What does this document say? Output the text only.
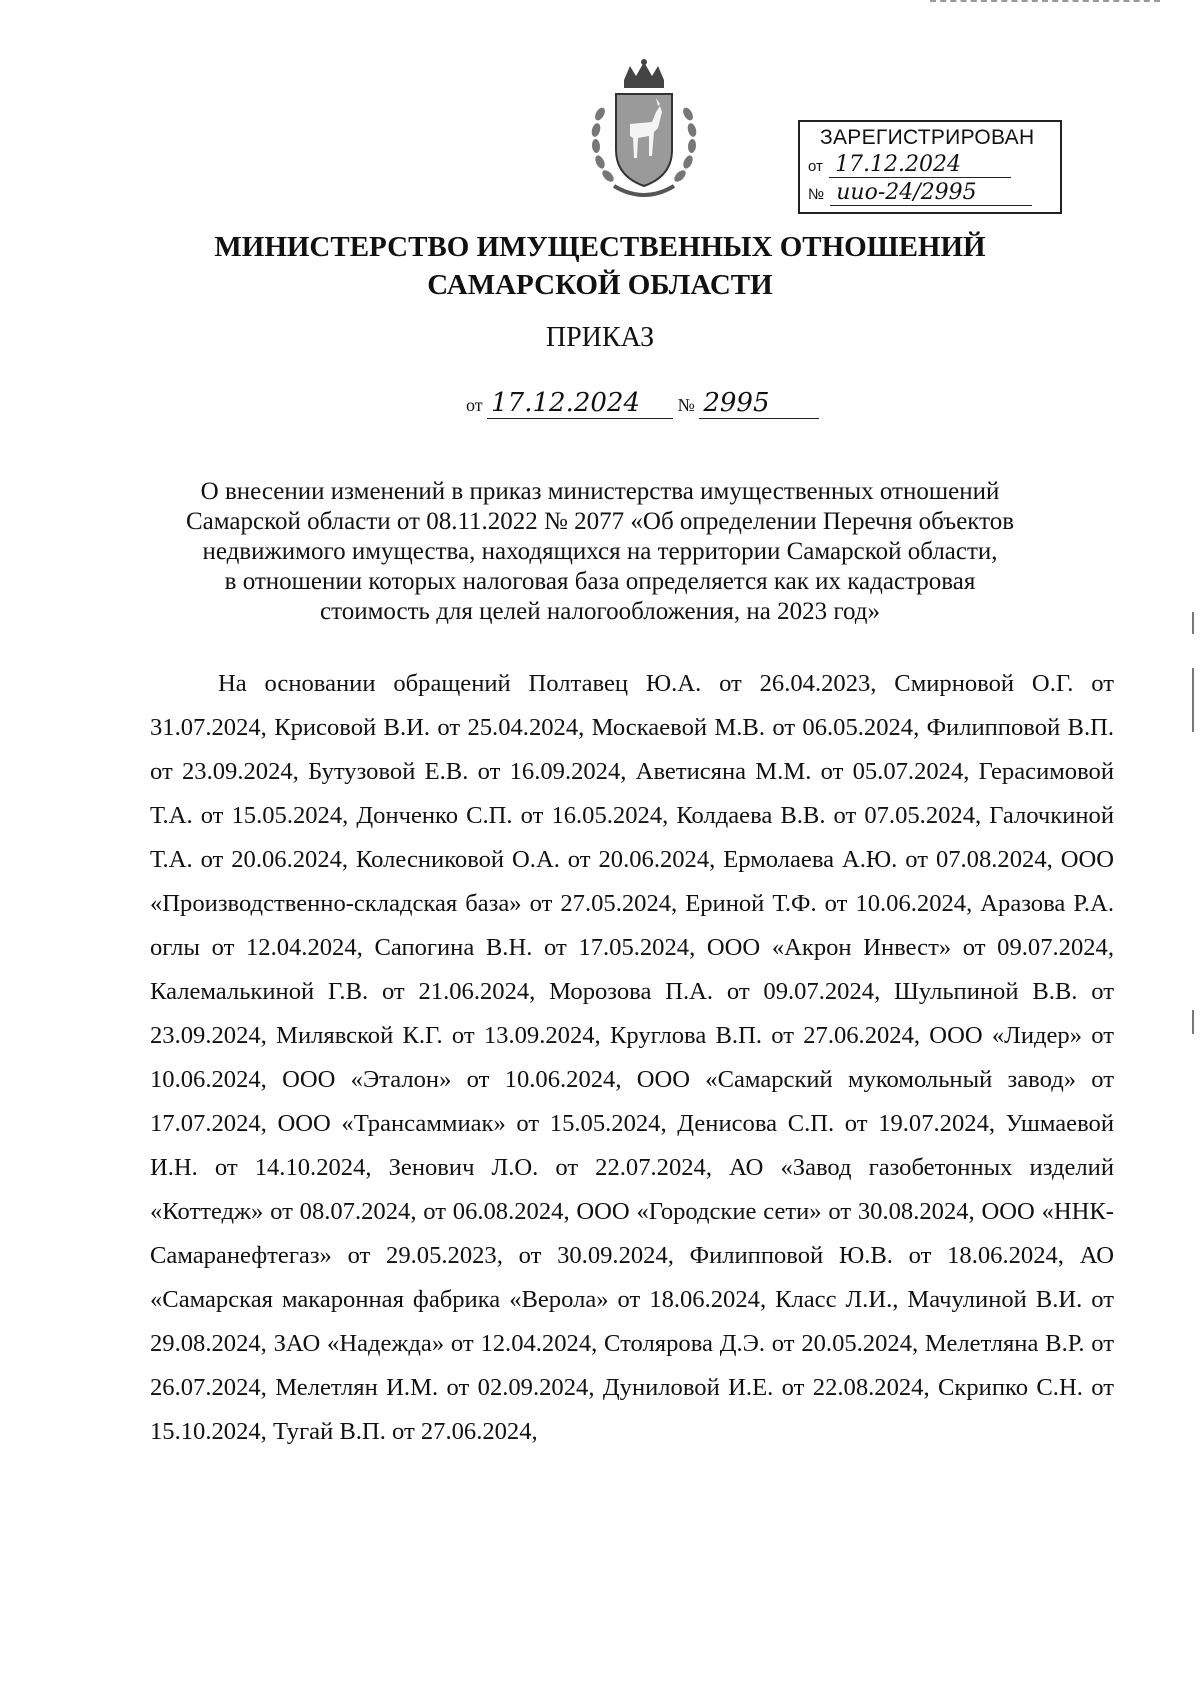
ЗАРЕГИСТРИРОВАН
от 17.12.2024
№ иио-24/2995
МИНИСТЕРСТВО ИМУЩЕСТВЕННЫХ ОТНОШЕНИЙ
САМАРСКОЙ ОБЛАСТИ
ПРИКАЗ
от 17.12.2024 № 2995
О внесении изменений в приказ министерства имущественных отношений
Самарской области от 08.11.2022 № 2077 «Об определении Перечня объектов
недвижимого имущества, находящихся на территории Самарской области,
в отношении которых налоговая база определяется как их кадастровая
стоимость для целей налогообложения, на 2023 год»

На основании обращений Полтавец Ю.А. от 26.04.2023, Смирновой О.Г. от 31.07.2024, Крисовой В.И. от 25.04.2024, Москаевой М.В. от 06.05.2024, Филипповой В.П. от 23.09.2024, Бутузовой Е.В. от 16.09.2024, Аветисяна М.М. от 05.07.2024, Герасимовой Т.А. от 15.05.2024, Донченко С.П. от 16.05.2024, Колдаева В.В. от 07.05.2024, Галочкиной Т.А. от 20.06.2024, Колесниковой О.А. от 20.06.2024, Ермолаева А.Ю. от 07.08.2024, ООО «Производственно-складская база» от 27.05.2024, Ериной Т.Ф. от 10.06.2024, Аразова Р.А. оглы от 12.04.2024, Сапогина В.Н. от 17.05.2024, ООО «Акрон Инвест» от 09.07.2024, Калемалькиной Г.В. от 21.06.2024, Морозова П.А. от 09.07.2024, Шульпиной В.В. от 23.09.2024, Милявской К.Г. от 13.09.2024, Круглова В.П. от 27.06.2024, ООО «Лидер» от 10.06.2024, ООО «Эталон» от 10.06.2024, ООО «Самарский мукомольный завод» от 17.07.2024, ООО «Трансаммиак» от 15.05.2024, Денисова С.П. от 19.07.2024, Ушмаевой И.Н. от 14.10.2024, Зенович Л.О. от 22.07.2024, АО «Завод газобетонных изделий «Коттедж» от 08.07.2024, от 06.08.2024, ООО «Городские сети» от 30.08.2024, ООО «ННК-Самаранефтегаз» от 29.05.2023, от 30.09.2024, Филипповой Ю.В. от 18.06.2024, АО «Самарская макаронная фабрика «Верола» от 18.06.2024, Класс Л.И., Мачулиной В.И. от 29.08.2024, ЗАО «Надежда» от 12.04.2024, Столярова Д.Э. от 20.05.2024, Мелетляна В.Р. от 26.07.2024, Мелетлян И.М. от 02.09.2024, Дуниловой И.Е. от 22.08.2024, Скрипко С.Н. от 15.10.2024, Тугай В.П. от 27.06.2024,
